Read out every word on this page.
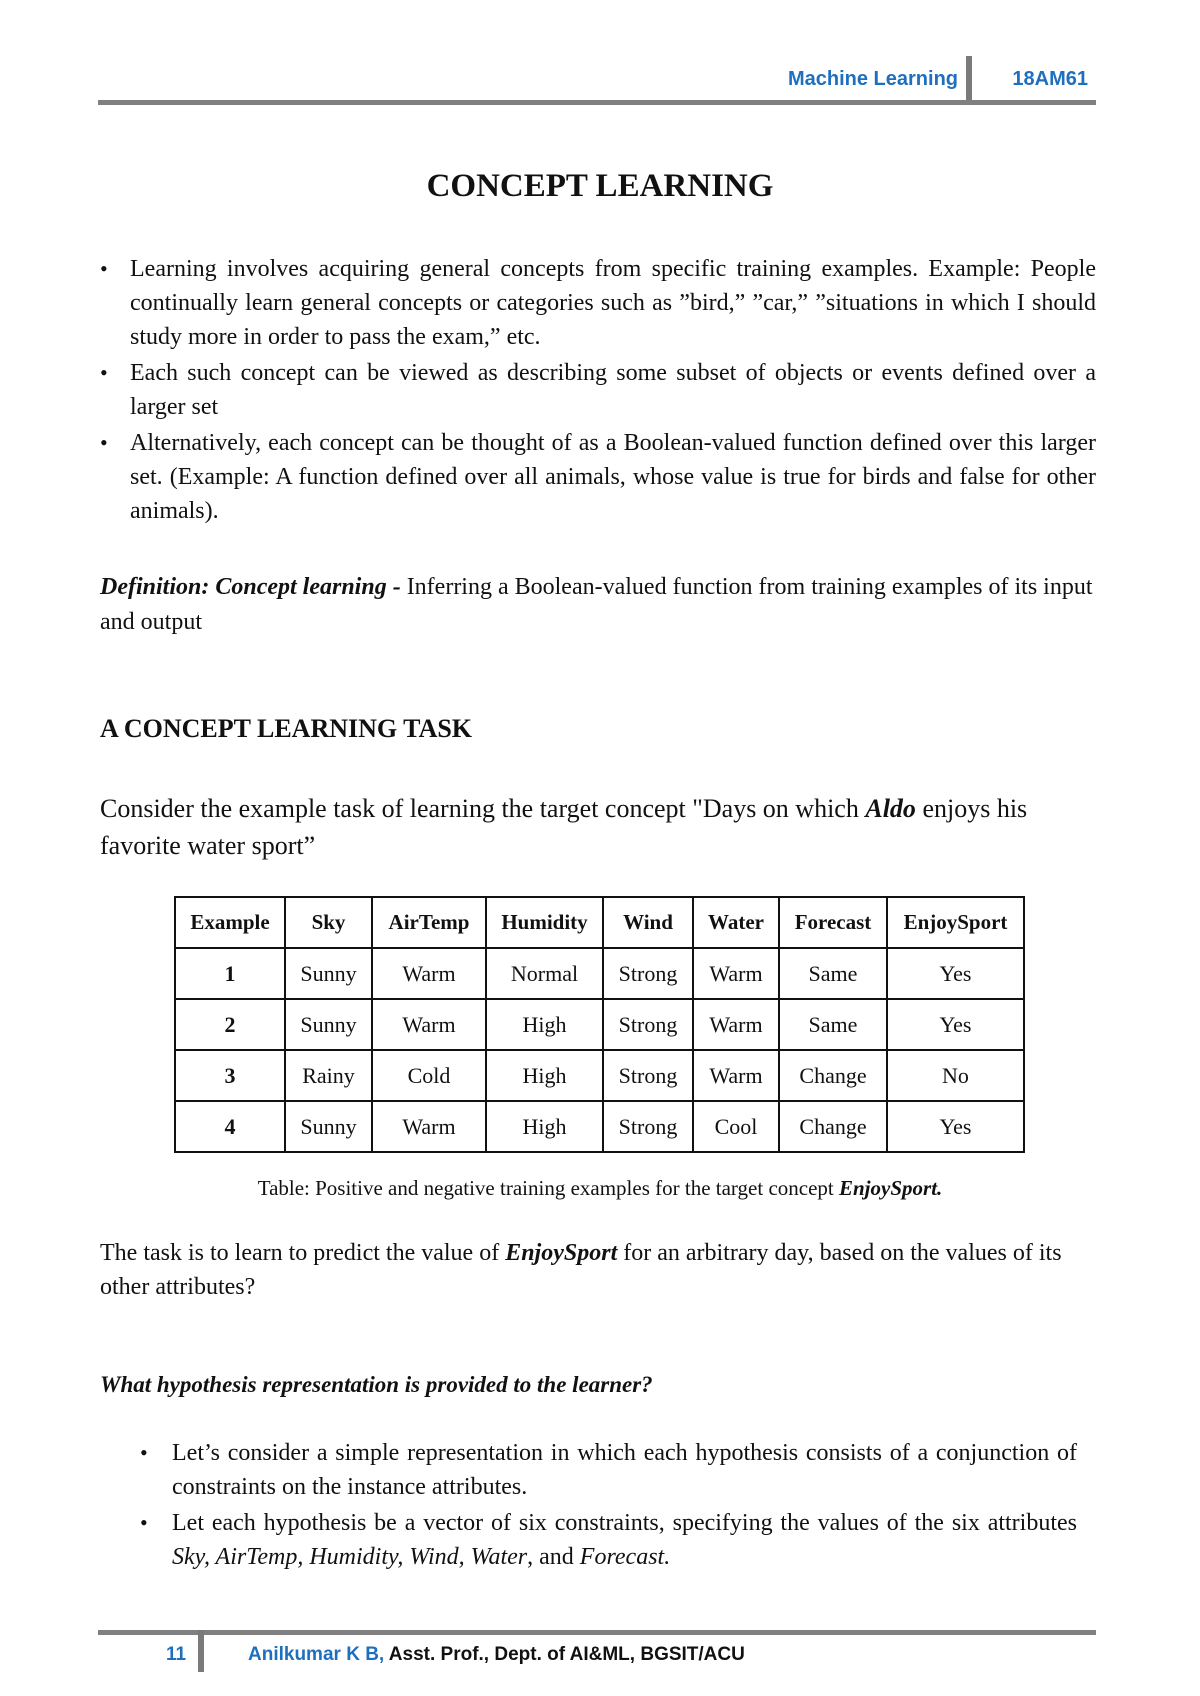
Machine Learning	18AM61
CONCEPT LEARNING
• Learning involves acquiring general concepts from specific training examples. Example: People continually learn general concepts or categories such as ”bird,” ”car,” ”situations in which I should study more in order to pass the exam,” etc.
• Each such concept can be viewed as describing some subset of objects or events defined over a larger set
• Alternatively, each concept can be thought of as a Boolean-valued function defined over this larger set. (Example: A function defined over all animals, whose value is true for birds and false for other animals).
Definition: Concept learning - Inferring a Boolean-valued function from training examples of its input and output
A CONCEPT LEARNING TASK
Consider the example task of learning the target concept "Days on which Aldo enjoys his favorite water sport”
Example	Sky	AirTemp	Humidity	Wind	Water	Forecast	EnjoySport
1	Sunny	Warm	Normal	Strong	Warm	Same	Yes
2	Sunny	Warm	High	Strong	Warm	Same	Yes
3	Rainy	Cold	High	Strong	Warm	Change	No
4	Sunny	Warm	High	Strong	Cool	Change	Yes
Table: Positive and negative training examples for the target concept EnjoySport.
The task is to learn to predict the value of EnjoySport for an arbitrary day, based on the values of its other attributes?
What hypothesis representation is provided to the learner?
• Let’s consider a simple representation in which each hypothesis consists of a conjunction of constraints on the instance attributes.
• Let each hypothesis be a vector of six constraints, specifying the values of the six attributes Sky, AirTemp, Humidity, Wind, Water, and Forecast.
11	Anilkumar K B, Asst. Prof., Dept. of AI&ML, BGSIT/ACU
